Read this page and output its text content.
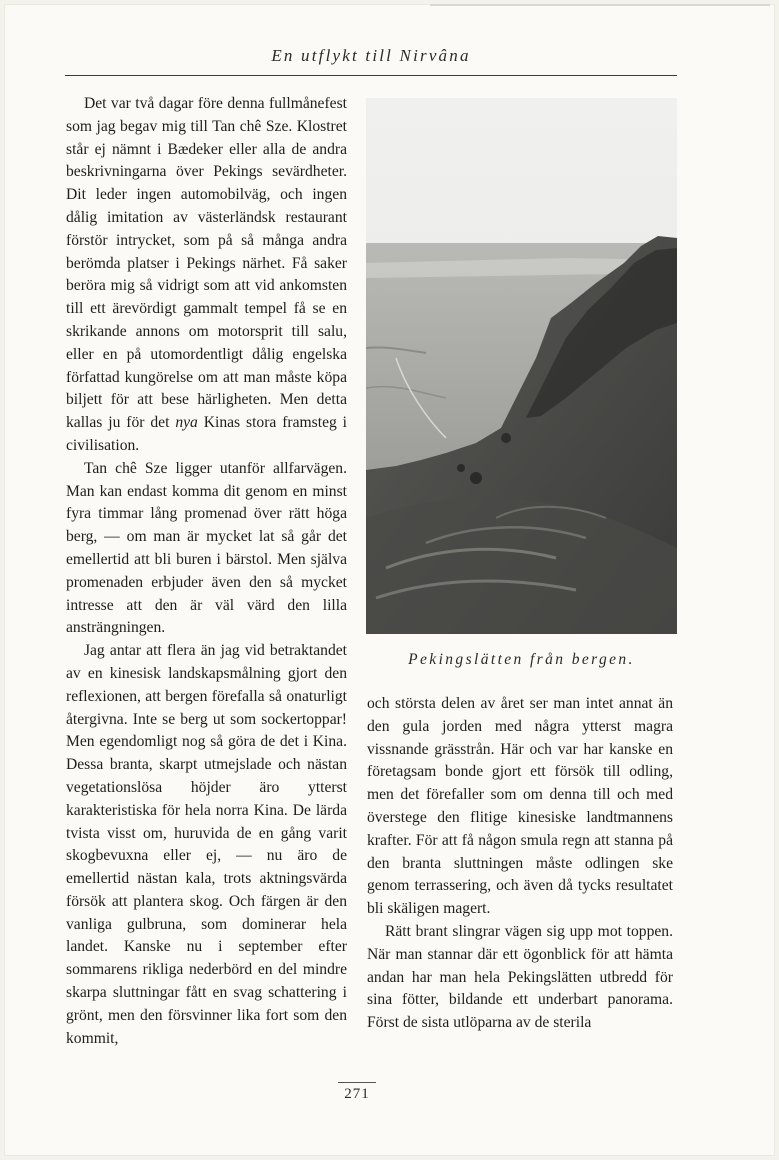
En utflykt till Nirvâna

Det var två dagar före denna fullmånefest som jag begav mig till Tan chê Sze. Klostret står ej nämnt i Bædeker eller alla de andra beskrivningarna över Pekings sevärdheter. Dit leder ingen automobilväg, och ingen dålig imitation av västerländsk restaurant förstör intrycket, som på så många andra berömda platser i Pekings närhet. Få saker beröra mig så vidrigt som att vid ankomsten till ett ärevördigt gammalt tempel få se en skrikande annons om motorsprit till salu, eller en på utomordentligt dålig engelska författad kungörelse om att man måste köpa biljett för att bese härligheten. Men detta kallas ju för det nya Kinas stora framsteg i civilisation.

Tan chê Sze ligger utanför allfarvägen. Man kan endast komma dit genom en minst fyra timmar lång promenad över rätt höga berg, — om man är mycket lat så går det emellertid att bli buren i bärstol. Men själva promenaden erbjuder även den så mycket intresse att den är väl värd den lilla ansträngningen.

Jag antar att flera än jag vid betraktandet av en kinesisk landskapsmålning gjort den reflexionen, att bergen förefalla så onaturligt återgivna. Inte se berg ut som sockertoppar! Men egendomligt nog så göra de det i Kina. Dessa branta, skarpt utmejslade och nästan vegetationslösa höjder äro ytterst karakteristiska för hela norra Kina. De lärda tvista visst om, huruvida de en gång varit skogbevuxna eller ej, — nu äro de emellertid nästan kala, trots aktningsvärda försök att plantera skog. Och färgen är den vanliga gulbruna, som dominerar hela landet. Kanske nu i september efter sommarens rikliga nederbörd en del mindre skarpa sluttningar fått en svag schattering i grönt, men den försvinner lika fort som den kommit,

Pekingslätten från bergen.

och största delen av året ser man intet annat än den gula jorden med några ytterst magra vissnande grässtrån. Här och var har kanske en företagsam bonde gjort ett försök till odling, men det förefaller som om denna till och med överstege den flitige kinesiske landtmannens krafter. För att få någon smula regn att stanna på den branta sluttningen måste odlingen ske genom terrassering, och även då tycks resultatet bli skäligen magert.

Rätt brant slingrar vägen sig upp mot toppen. När man stannar där ett ögonblick för att hämta andan har man hela Pekingslätten utbredd för sina fötter, bildande ett underbart panorama. Först de sista utlöparna av de sterila

271
